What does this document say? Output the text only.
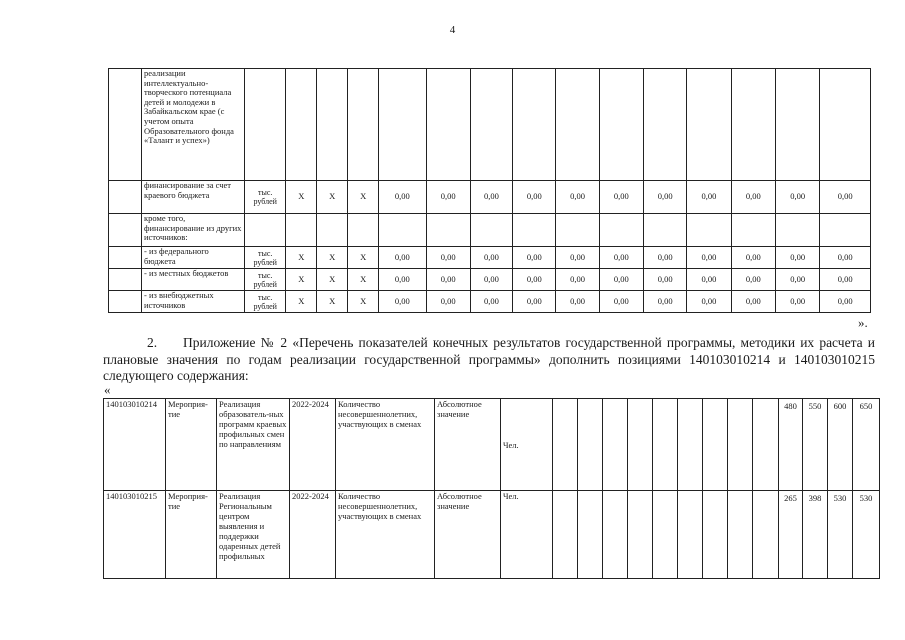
4
	реализации интеллектуально-творческого потенциала детей и молодежи в Забайкальском крае (с учетом опыта Образовательного фонда «Талант и успех»)															
	финансирование за счет краевого бюджета	тыс. рублей	X	X	X	0,00	0,00	0,00	0,00	0,00	0,00	0,00	0,00	0,00	0,00	0,00
	кроме того, финансирование из других источников:															
	- из федерального бюджета	тыс. рублей	X	X	X	0,00	0,00	0,00	0,00	0,00	0,00	0,00	0,00	0,00	0,00	0,00
	- из местных бюджетов	тыс. рублей	X	X	X	0,00	0,00	0,00	0,00	0,00	0,00	0,00	0,00	0,00	0,00	0,00
	- из внебюджетных источников	тыс. рублей	X	X	X	0,00	0,00	0,00	0,00	0,00	0,00	0,00	0,00	0,00	0,00	0,00
».
2. Приложение № 2 «Перечень показателей конечных результатов государственной программы, методики их расчета и плановые значения по годам реализации государственной программы» дополнить позициями 140103010214 и 140103010215 следующего содержания:
«
140103010214	Мероприя-тие	Реализация образователь-ных программ краевых профильных смен по направлениям	2022-2024	Количество несовершеннолетних, участвующих в сменах	Абсолютное значение	Чел.										480	550	600	650
140103010215	Мероприя-тие	Реализация Региональным центром выявления и поддержки одаренных детей профильных	2022-2024	Количество несовершеннолетних, участвующих в сменах	Абсолютное значение	Чел.										265	398	530	530
